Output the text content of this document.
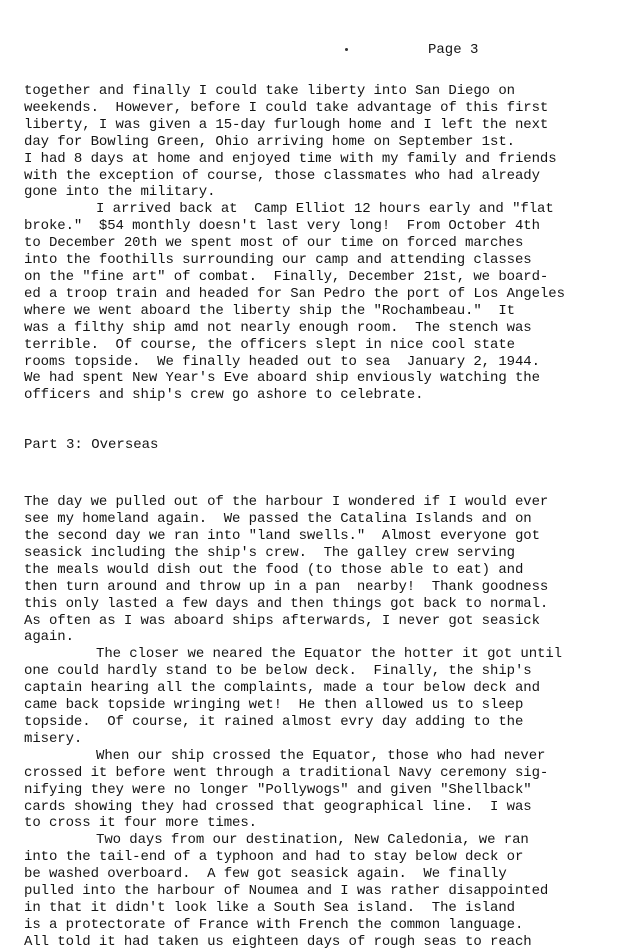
Page 3
together and finally I could take liberty into San Diego on
weekends.  However, before I could take advantage of this first
liberty, I was given a 15-day furlough home and I left the next
day for Bowling Green, Ohio arriving home on September 1st.
I had 8 days at home and enjoyed time with my family and friends
with the exception of course, those classmates who had already
gone into the military.
I arrived back at  Camp Elliot 12 hours early and "flat
broke."  $54 monthly doesn't last very long!  From October 4th
to December 20th we spent most of our time on forced marches
into the foothills surrounding our camp and attending classes
on the "fine art" of combat.  Finally, December 21st, we board-
ed a troop train and headed for San Pedro the port of Los Angeles
where we went aboard the liberty ship the "Rochambeau."  It
was a filthy ship amd not nearly enough room.  The stench was
terrible.  Of course, the officers slept in nice cool state
rooms topside.  We finally headed out to sea  January 2, 1944.
We had spent New Year's Eve aboard ship enviously watching the
officers and ship's crew go ashore to celebrate.
Part 3: Overseas
The day we pulled out of the harbour I wondered if I would ever
see my homeland again.  We passed the Catalina Islands and on
the second day we ran into "land swells."  Almost everyone got
seasick including the ship's crew.  The galley crew serving
the meals would dish out the food (to those able to eat) and
then turn around and throw up in a pan  nearby!  Thank goodness
this only lasted a few days and then things got back to normal.
As often as I was aboard ships afterwards, I never got seasick
again.
The closer we neared the Equator the hotter it got until
one could hardly stand to be below deck.  Finally, the ship's
captain hearing all the complaints, made a tour below deck and
came back topside wringing wet!  He then allowed us to sleep
topside.  Of course, it rained almost evry day adding to the
misery.
When our ship crossed the Equator, those who had never
crossed it before went through a traditional Navy ceremony sig-
nifying they were no longer "Pollywogs" and given "Shellback"
cards showing they had crossed that geographical line.  I was
to cross it four more times.
Two days from our destination, New Caledonia, we ran
into the tail-end of a typhoon and had to stay below deck or
be washed overboard.  A few got seasick again.  We finally
pulled into the harbour of Noumea and I was rather disappointed
in that it didn't look like a South Sea island.  The island
is a protectorate of France with French the common language.
All told it had taken us eighteen days of rough seas to reach
